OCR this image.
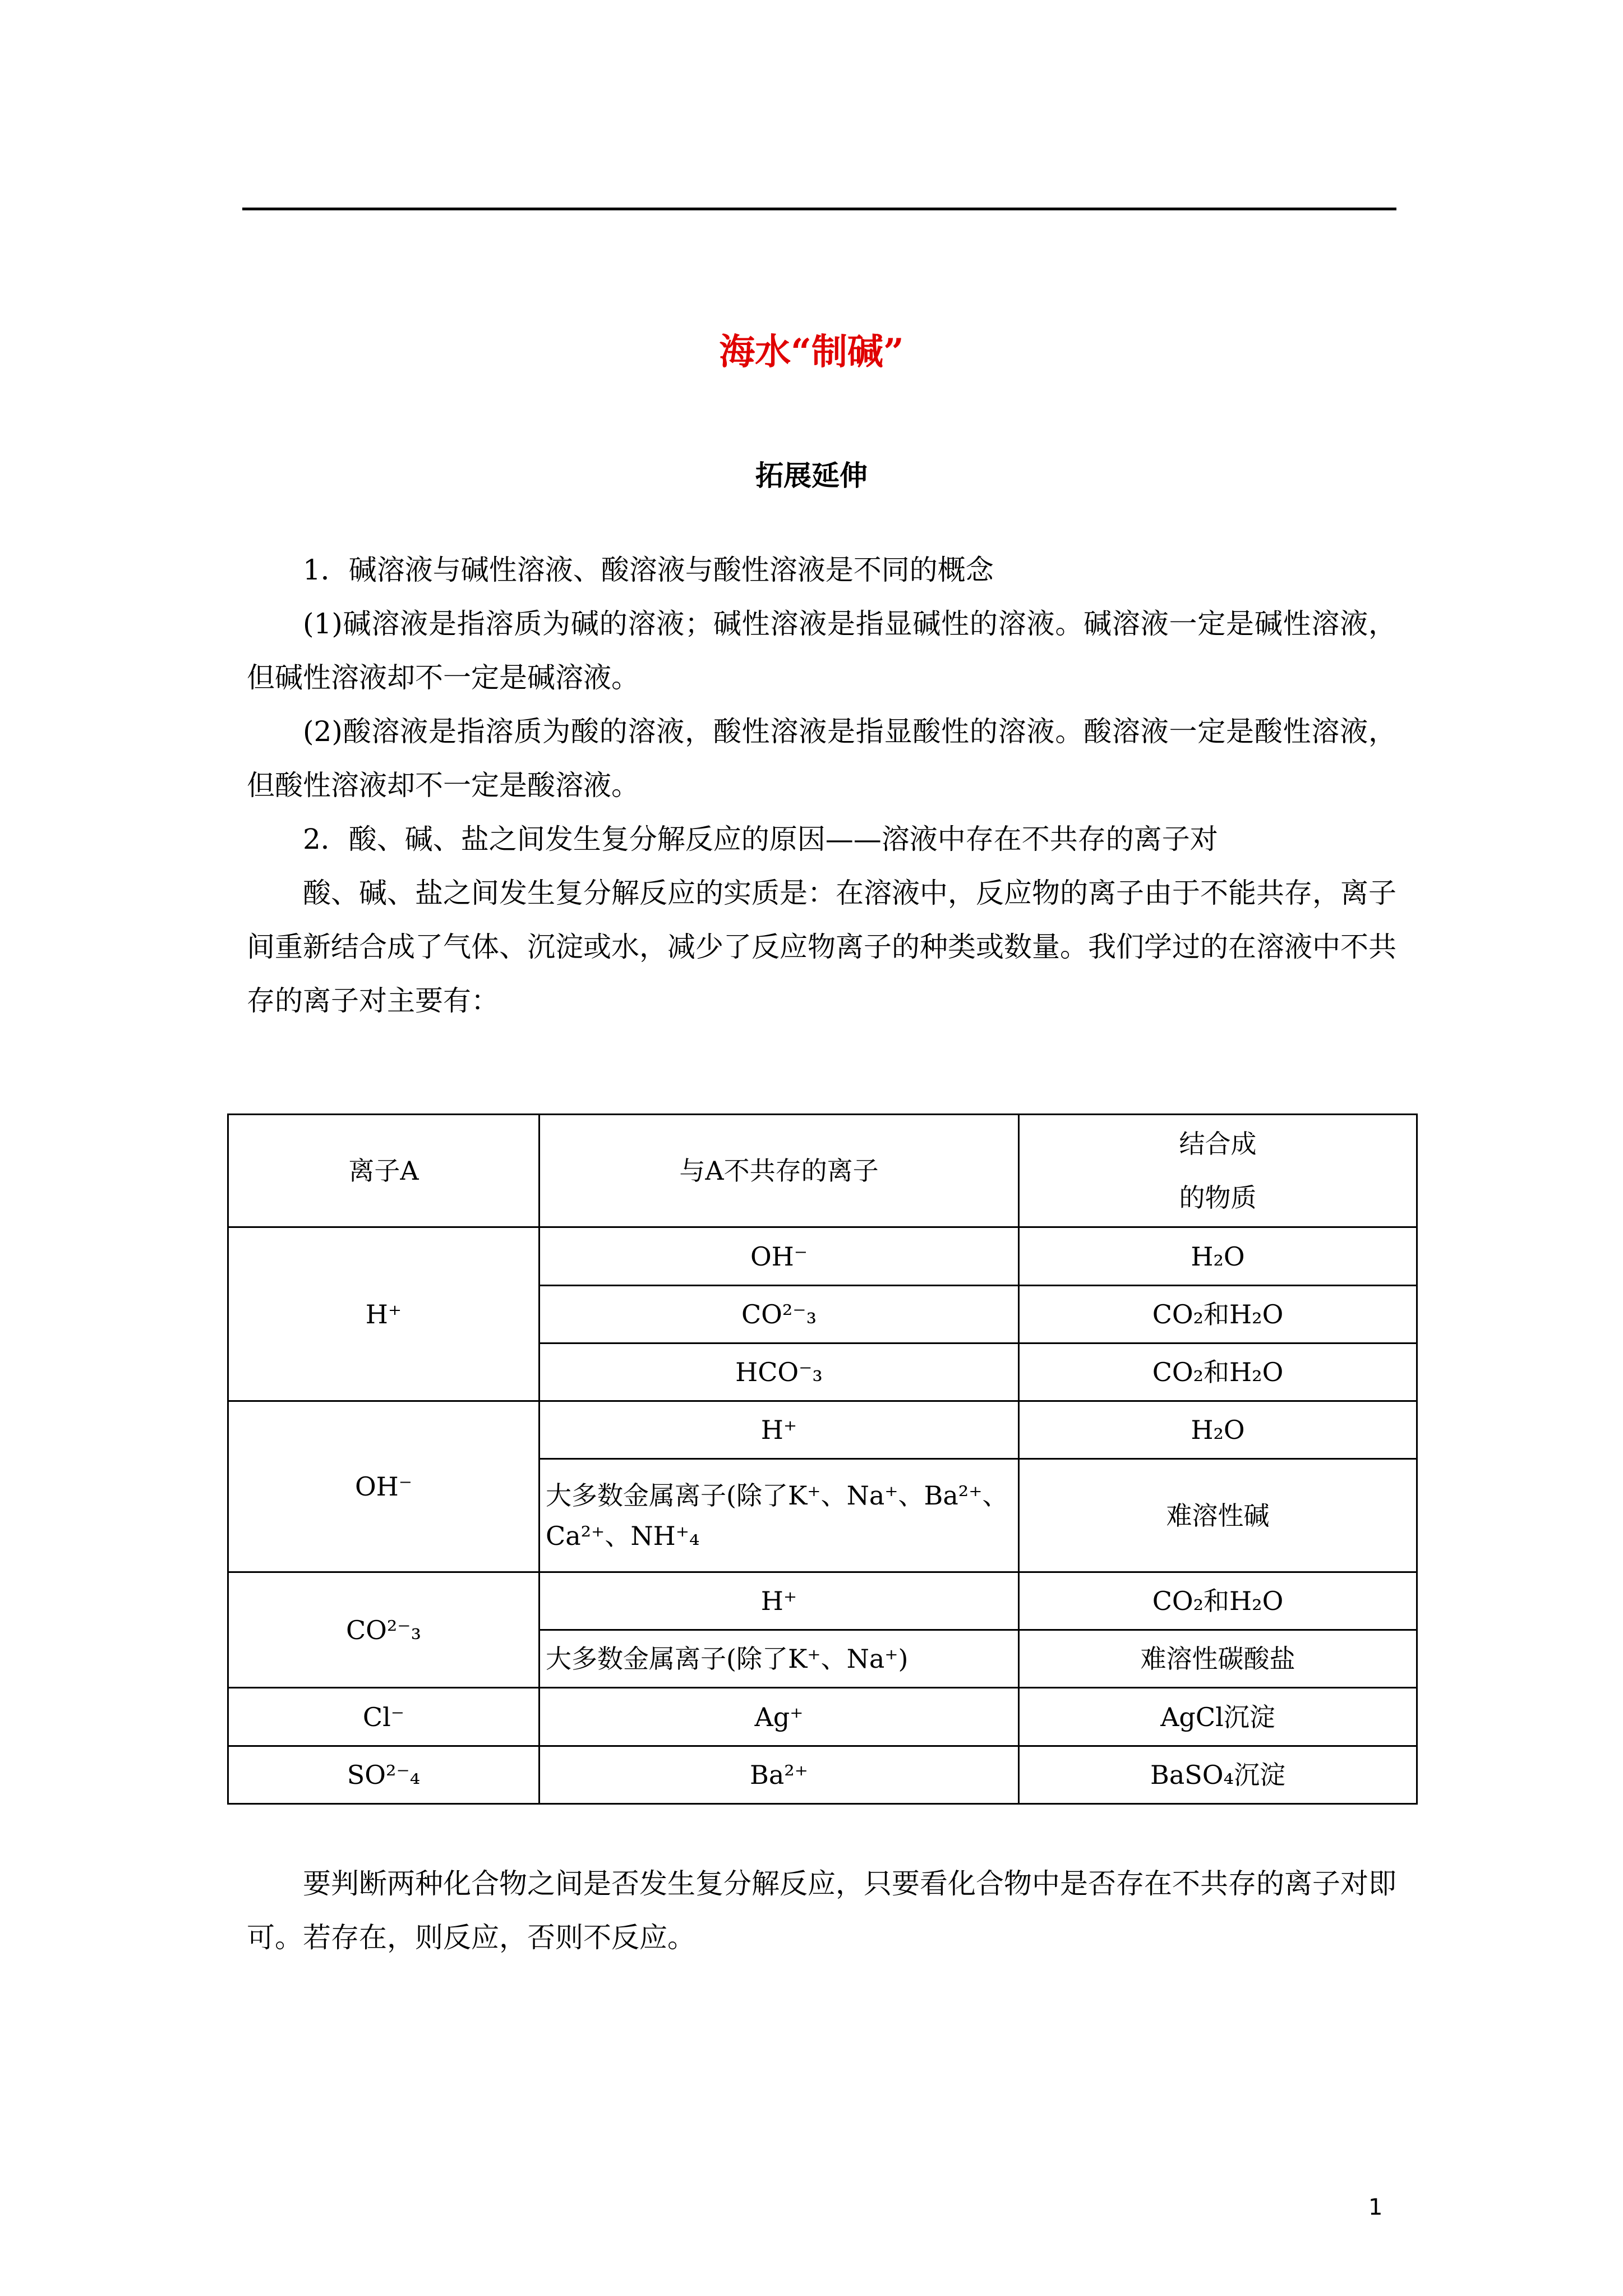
海水“制碱”
拓展延伸

1．碱溶液与碱性溶液、酸溶液与酸性溶液是不同的概念

(1)碱溶液是指溶质为碱的溶液；碱性溶液是指显碱性的溶液。碱溶液一定是碱性溶液，但碱性溶液却不一定是碱溶液。

(2)酸溶液是指溶质为酸的溶液，酸性溶液是指显酸性的溶液。酸溶液一定是酸性溶液，但酸性溶液却不一定是酸溶液。

2．酸、碱、盐之间发生复分解反应的原因——溶液中存在不共存的离子对

酸、碱、盐之间发生复分解反应的实质是：在溶液中，反应物的离子由于不能共存，离子间重新结合成了气体、沉淀或水，减少了反应物离子的种类或数量。我们学过的在溶液中不共存的离子对主要有：

离子A	与A不共存的离子	结合成
的物质

H⁺	OH⁻	H₂O
	CO²⁻₃	CO₂和H₂O
	HCO⁻₃	CO₂和H₂O
OH⁻	H⁺	H₂O
	大多数金属离子(除了K⁺、Na⁺、Ba²⁺、Ca²⁺、NH⁺₄	难溶性碱
CO²⁻₃	H⁺	CO₂和H₂O
	大多数金属离子(除了K⁺、Na⁺)	难溶性碳酸盐
Cl⁻	Ag⁺	AgCl沉淀
SO²⁻₄	Ba²⁺	BaSO₄沉淀

要判断两种化合物之间是否发生复分解反应，只要看化合物中是否存在不共存的离子对即可。若存在，则反应，否则不反应。

1
